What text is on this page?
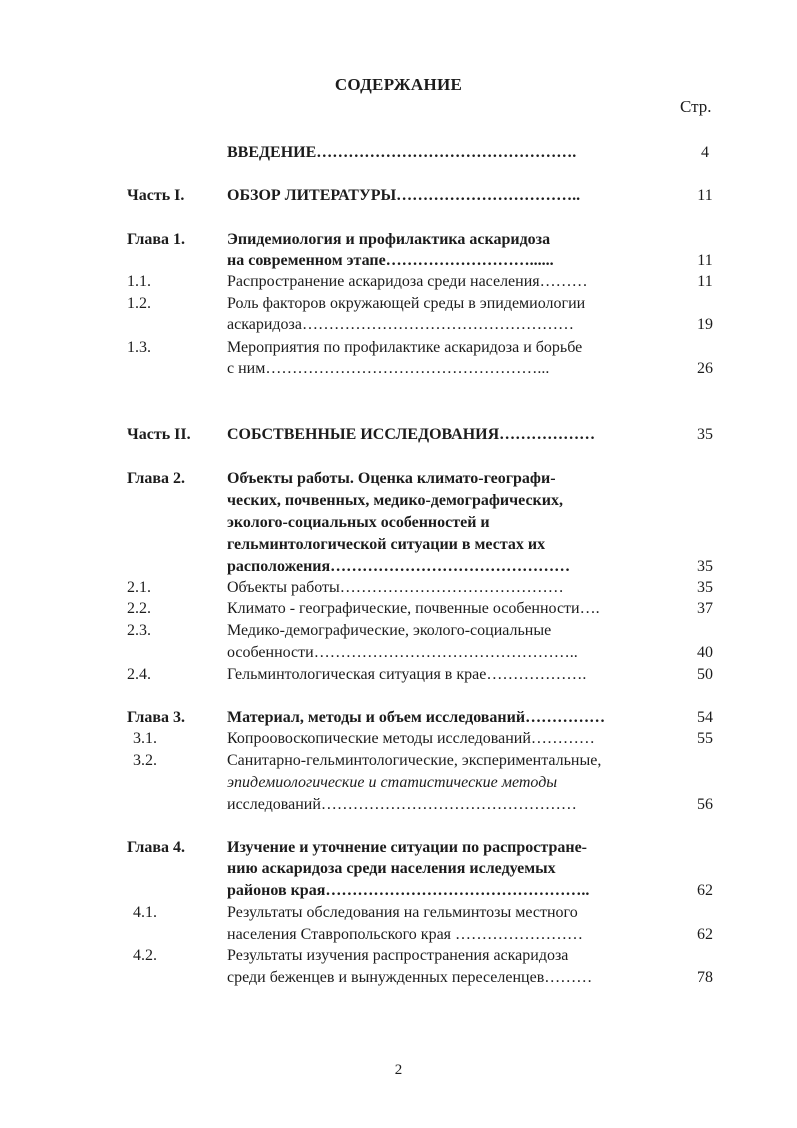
СОДЕРЖАНИЕ
Стр.
ВВЕДЕНИЕ………………………………………….	4
Часть I.	ОБЗОР ЛИТЕРАТУРЫ……………………………..	11
Глава 1.	Эпидемиология и профилактика аскаридоза
на современном этапе………………………......	11
1.1.	Распространение аскаридоза среди населения………	11
1.2.	Роль факторов окружающей среды в эпидемиологии
аскаридоза……………………………………………	19
1.3.	Мероприятия по профилактике аскаридоза и борьбе
с ним……………………………………………...	26
Часть II. СОБСТВЕННЫЕ ИССЛЕДОВАНИЯ………………	35
Глава 2.	Объекты работы. Оценка климато-географи-
ческих, почвенных, медико-демографических,
эколого-социальных особенностей и
гельминтологической ситуации в местах их
расположения………………………………………	35
2.1.	Объекты работы……………………………………	35
2.2.	Климато - географические, почвенные особенности….	37
2.3.	Медико-демографические, эколого-социальные
особенности…………………………………………..	40
2.4.	Гельминтологическая ситуация в крае……………….	50
Глава 3.	Материал, методы и объем исследований……………	54
3.1.	Копроовоскопические методы исследований…………	55
3.2.	Санитарно-гельминтологические, экспериментальные,
эпидемиологические и статистические методы
исследований…………………………………………	56
Глава 4.	Изучение и уточнение ситуации по распростране-
нию аскаридоза среди населения иследуемых
районов края…………………………………………..	62
4.1.	Результаты обследования на гельминтозы местного
населения Ставропольского края ……………………	62
4.2.	Результаты изучения распространения аскаридоза
среди беженцев и вынужденных переселенцев………	78
2
